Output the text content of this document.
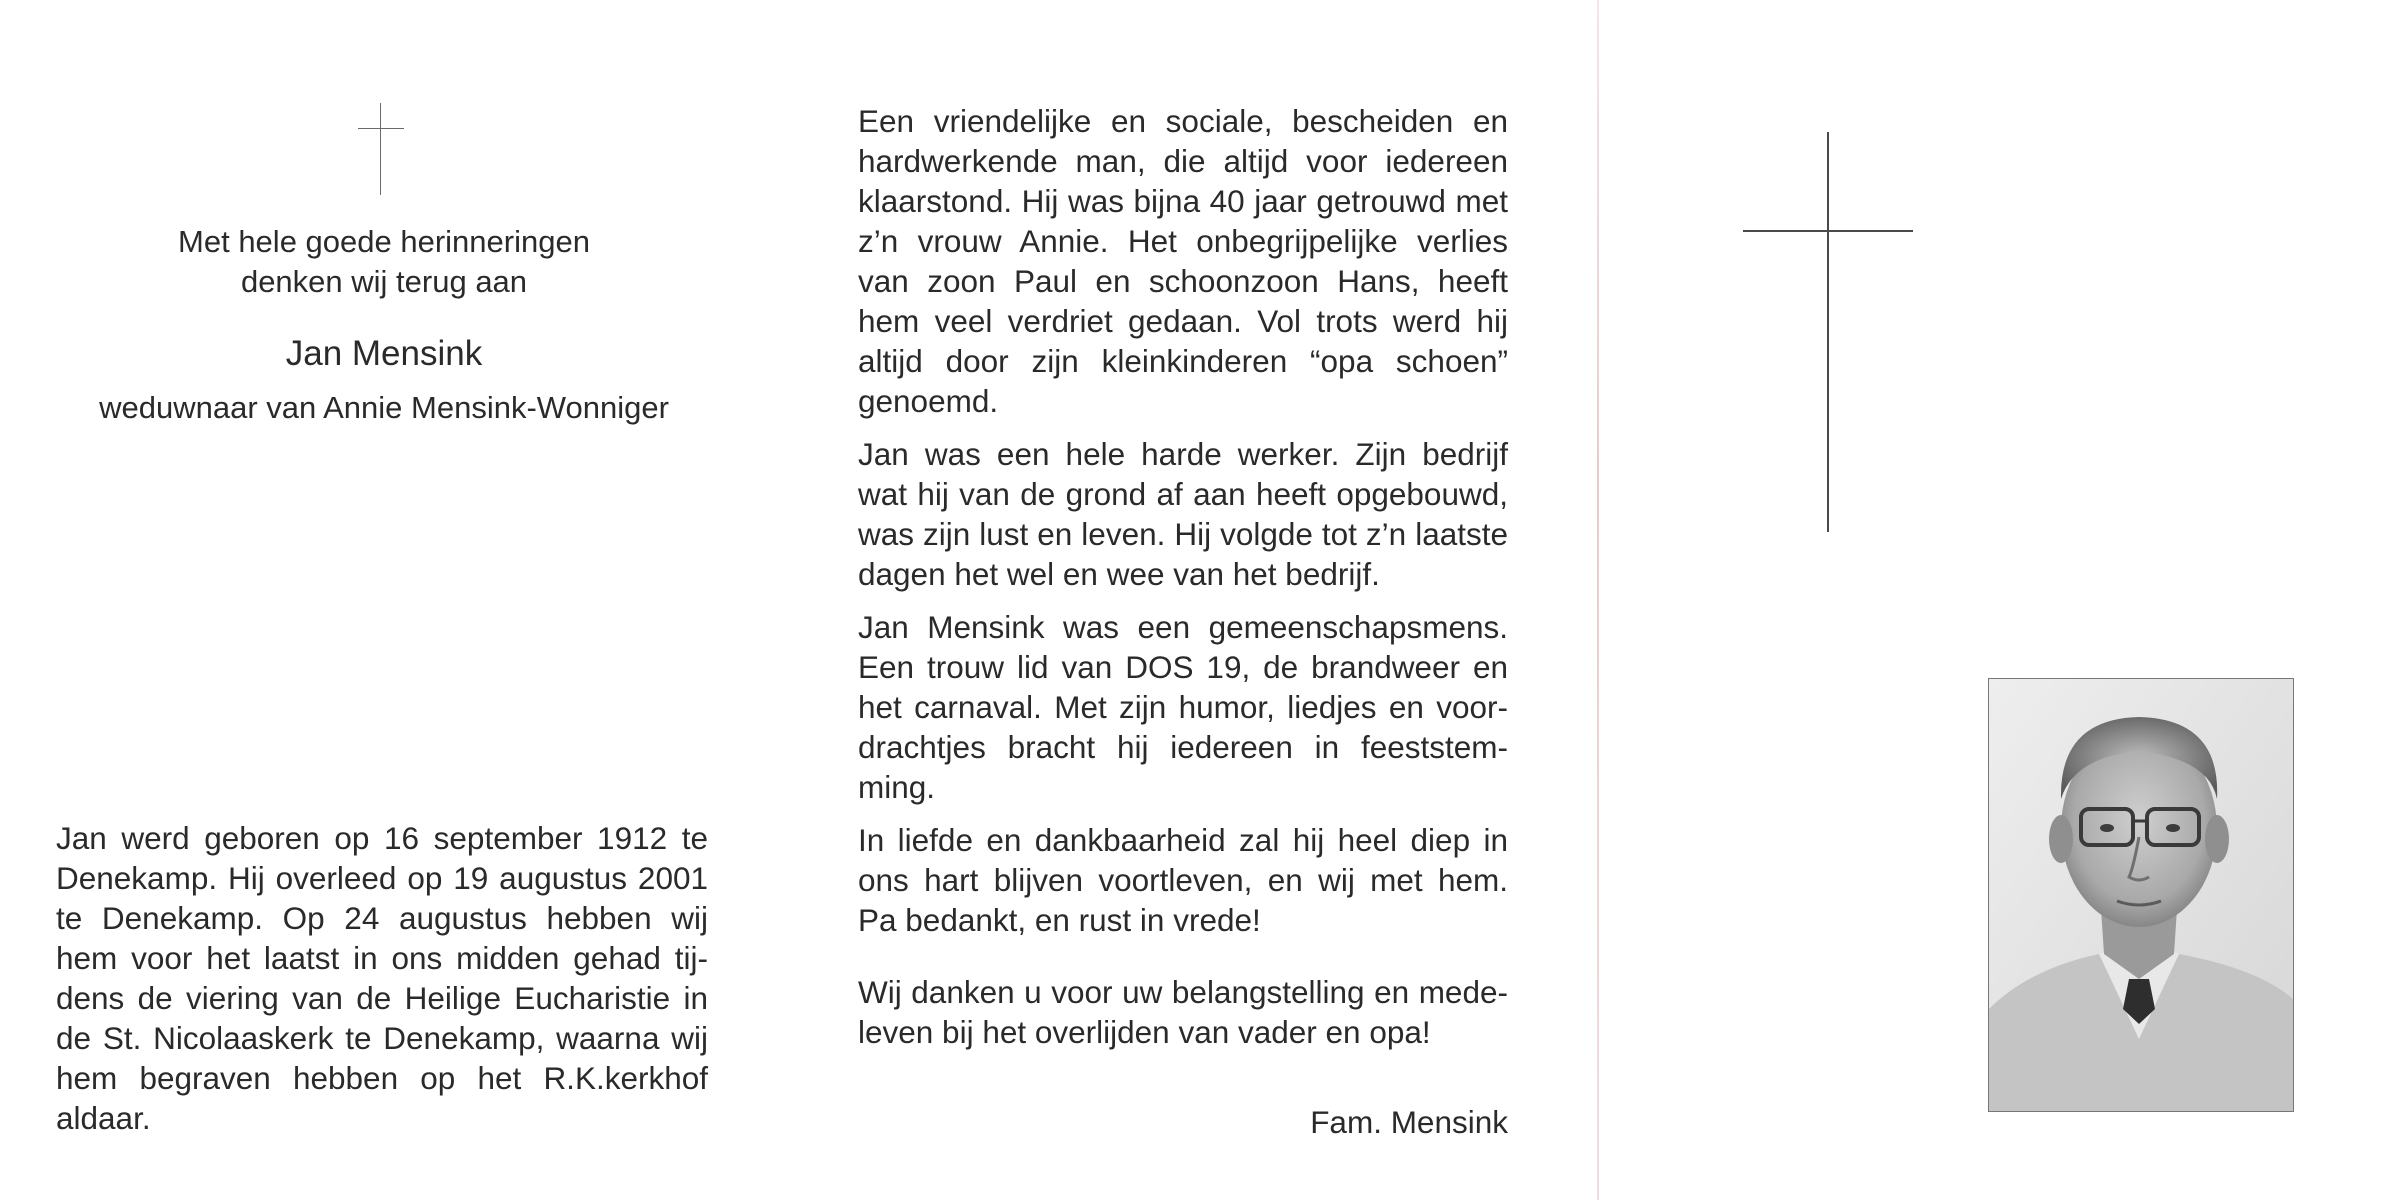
Met hele goede herinneringen
denken wij terug aan
Jan Mensink
weduwnaar van Annie Mensink-Wonniger
Jan werd geboren op 16 september 1912 te Denekamp. Hij overleed op 19 augustus 2001 te Denekamp. Op 24 augustus hebben wij hem voor het laatst in ons midden gehad tijdens de viering van de Heilige Eucharistie in de St. Nicolaaskerk te Denekamp, waarna wij hem begraven hebben op het R.K.kerkhof aldaar.

Een vriendelijke en sociale, bescheiden en hardwerkende man, die altijd voor iedereen klaarstond. Hij was bijna 40 jaar getrouwd met z’n vrouw Annie. Het onbegrijpelijke verlies van zoon Paul en schoonzoon Hans, heeft hem veel verdriet gedaan. Vol trots werd hij altijd door zijn kleinkinderen “opa schoen” genoemd.

Jan was een hele harde werker. Zijn bedrijf wat hij van de grond af aan heeft opgebouwd, was zijn lust en leven. Hij volgde tot z’n laatste dagen het wel en wee van het bedrijf.

Jan Mensink was een gemeenschapsmens. Een trouw lid van DOS 19, de brandweer en het carnaval. Met zijn humor, liedjes en voordrachtjes bracht hij iedereen in feeststemming.

In liefde en dankbaarheid zal hij heel diep in ons hart blijven voortleven, en wij met hem. Pa bedankt, en rust in vrede!

Wij danken u voor uw belangstelling en medeleven bij het overlijden van vader en opa!

Fam. Mensink
